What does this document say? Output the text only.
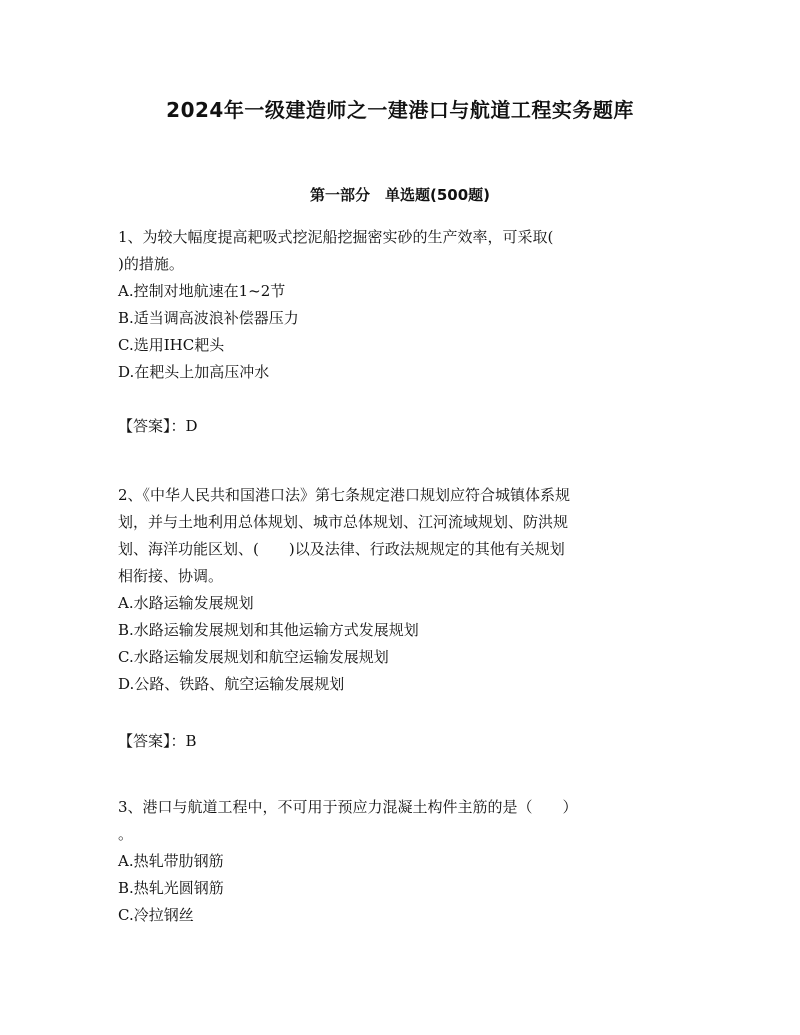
2024年一级建造师之一建港口与航道工程实务题库
第一部分　单选题(500题)
1、为较大幅度提高耙吸式挖泥船挖掘密实砂的生产效率，可采取(
)的措施。
A.控制对地航速在1~2节
B.适当调高波浪补偿器压力
C.选用IHC耙头
D.在耙头上加高压冲水
【答案】：D
2、《中华人民共和国港口法》第七条规定港口规划应符合城镇体系规
划，并与土地利用总体规划、城市总体规划、江河流域规划、防洪规
划、海洋功能区划、(　　)以及法律、行政法规规定的其他有关规划
相衔接、协调。
A.水路运输发展规划
B.水路运输发展规划和其他运输方式发展规划
C.水路运输发展规划和航空运输发展规划
D.公路、铁路、航空运输发展规划
【答案】：B
3、港口与航道工程中，不可用于预应力混凝土构件主筋的是（　　）
。
A.热轧带肋钢筋
B.热轧光圆钢筋
C.冷拉钢丝
